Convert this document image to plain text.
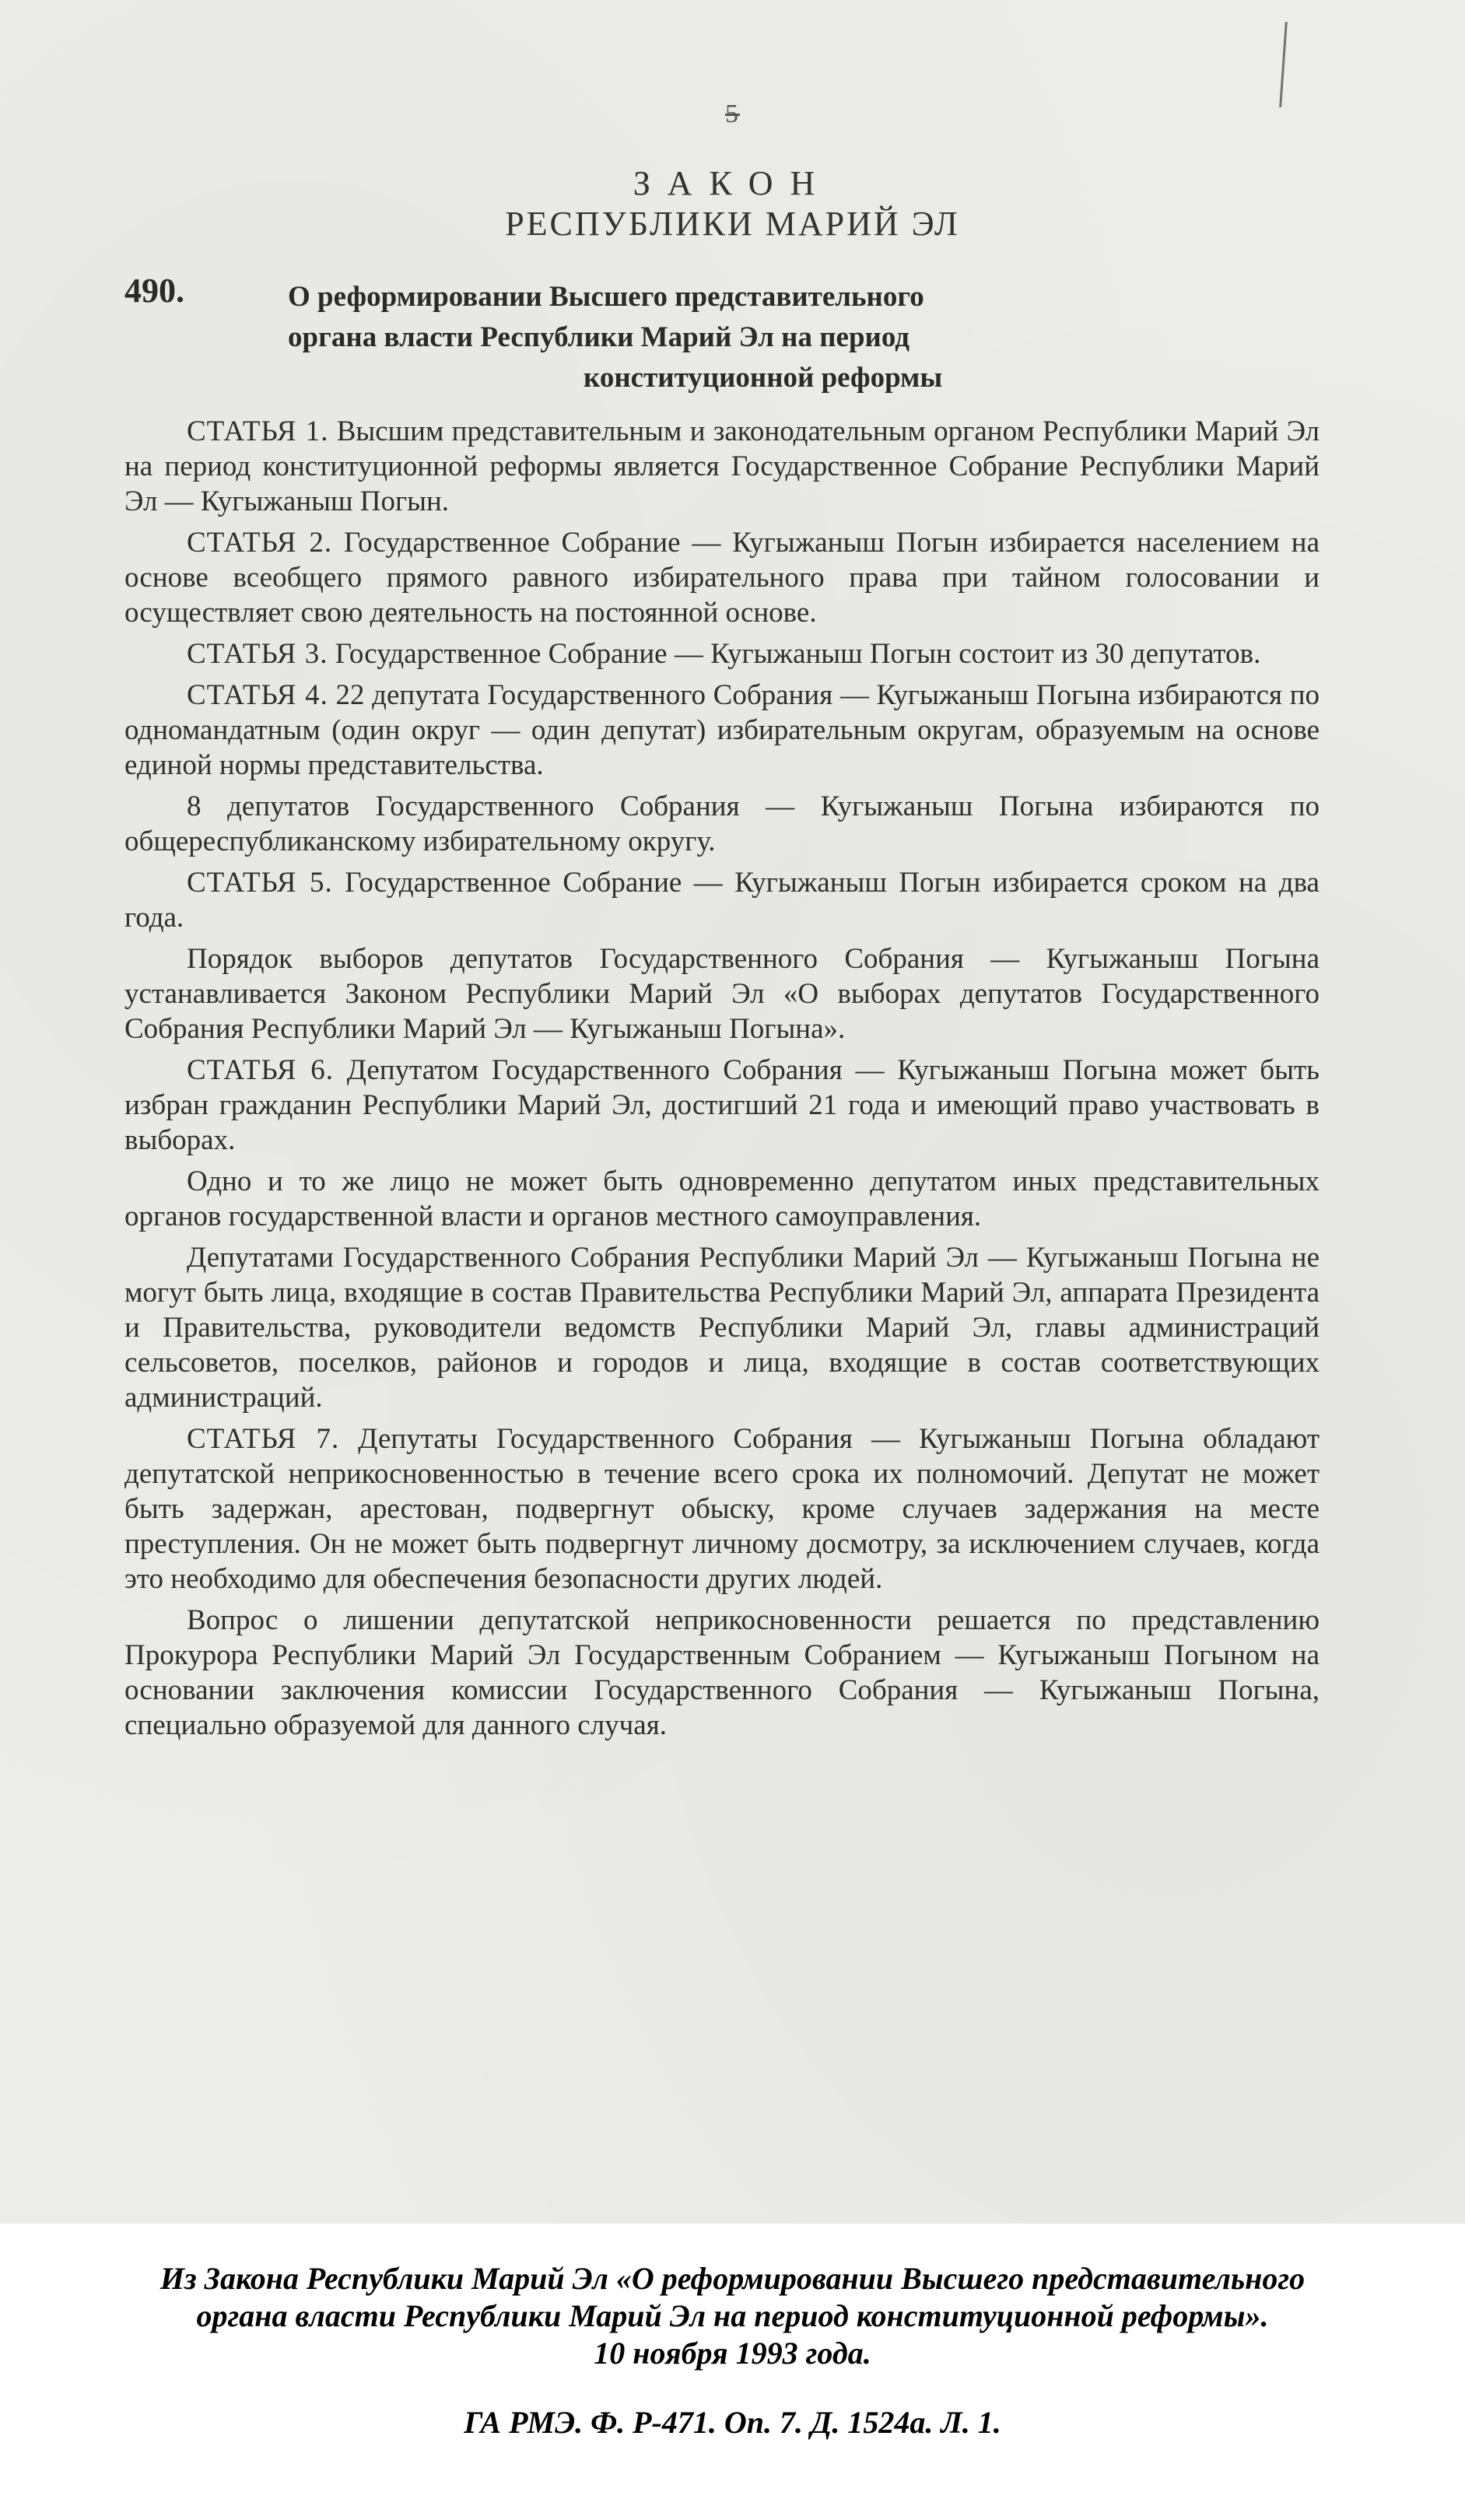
5
ЗАКОН
РЕСПУБЛИКИ МАРИЙ ЭЛ
490.	О реформировании Высшего представительного
органа власти Республики Марий Эл на период
конституционной реформы

СТАТЬЯ 1. Высшим представительным и законодательным органом Республики Марий Эл на период конституционной реформы является Государственное Собрание Республики Марий Эл — Кугыжаныш Погын.

СТАТЬЯ 2. Государственное Собрание — Кугыжаныш Погын избирается населением на основе всеобщего прямого равного избирательного права при тайном голосовании и осуществляет свою деятельность на постоянной основе.

СТАТЬЯ 3. Государственное Собрание — Кугыжаныш Погын состоит из 30 депутатов.

СТАТЬЯ 4. 22 депутата Государственного Собрания — Кугыжаныш Погына избираются по одномандатным (один округ — один депутат) избирательным округам, образуемым на основе единой нормы представительства.

8 депутатов Государственного Собрания — Кугыжаныш Погына избираются по общереспубликанскому избирательному округу.

СТАТЬЯ 5. Государственное Собрание — Кугыжаныш Погын избирается сроком на два года.

Порядок выборов депутатов Государственного Собрания — Кугыжаныш Погына устанавливается Законом Республики Марий Эл «О выборах депутатов Государственного Собрания Республики Марий Эл — Кугыжаныш Погына».

СТАТЬЯ 6. Депутатом Государственного Собрания — Кугыжаныш Погына может быть избран гражданин Республики Марий Эл, достигший 21 года и имеющий право участвовать в выборах.

Одно и то же лицо не может быть одновременно депутатом иных представительных органов государственной власти и органов местного самоуправления.

Депутатами Государственного Собрания Республики Марий Эл — Кугыжаныш Погына не могут быть лица, входящие в состав Правительства Республики Марий Эл, аппарата Президента и Правительства, руководители ведомств Республики Марий Эл, главы администраций сельсоветов, поселков, районов и городов и лица, входящие в состав соответствующих администраций.

СТАТЬЯ 7. Депутаты Государственного Собрания — Кугыжаныш Погына обладают депутатской неприкосновенностью в течение всего срока их полномочий. Депутат не может быть задержан, арестован, подвергнут обыску, кроме случаев задержания на месте преступления. Он не может быть подвергнут личному досмотру, за исключением случаев, когда это необходимо для обеспечения безопасности других людей.

Вопрос о лишении депутатской неприкосновенности решается по представлению Прокурора Республики Марий Эл Государственным Собранием — Кугыжаныш Погыном на основании заключения комиссии Государственного Собрания — Кугыжаныш Погына, специально образуемой для данного случая.

Из Закона Республики Марий Эл «О реформировании Высшего представительного
органа власти Республики Марий Эл на период конституционной реформы».
10 ноября 1993 года.
ГА РМЭ. Ф. Р-471. Оп. 7. Д. 1524а. Л. 1.
